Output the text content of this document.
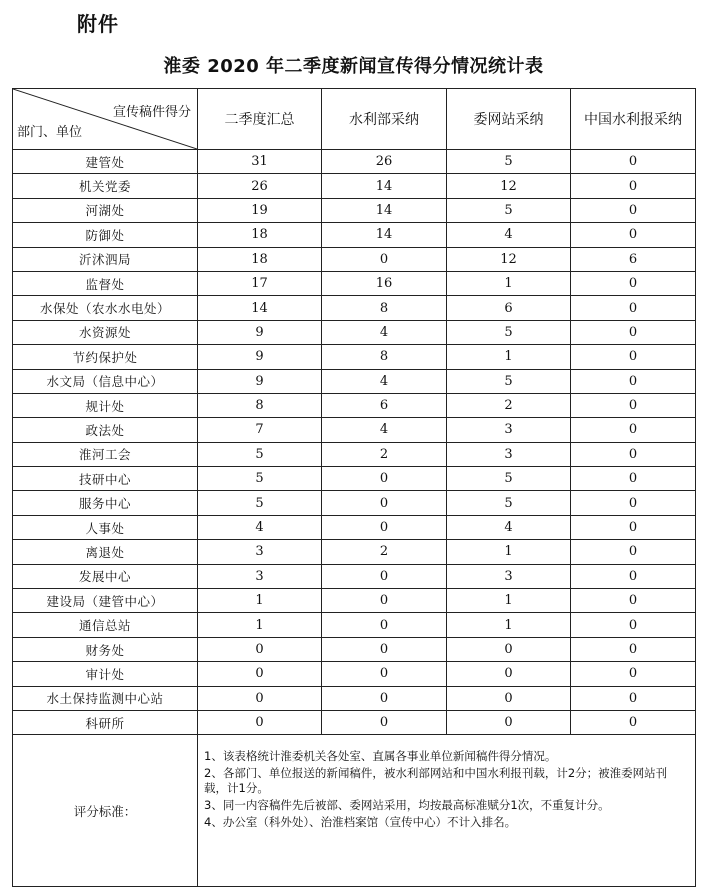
附件
淮委 2020 年二季度新闻宣传得分情况统计表
宣传稿件得分
部门、单位	二季度汇总	水利部采纳	委网站采纳	中国水利报采纳
建管处	31	26	5	0
机关党委	26	14	12	0
河湖处	19	14	5	0
防御处	18	14	4	0
沂沭泗局	18	0	12	6
监督处	17	16	1	0
水保处（农水水电处）	14	8	6	0
水资源处	9	4	5	0
节约保护处	9	8	1	0
水文局（信息中心）	9	4	5	0
规计处	8	6	2	0
政法处	7	4	3	0
淮河工会	5	2	3	0
技研中心	5	0	5	0
服务中心	5	0	5	0
人事处	4	0	4	0
离退处	3	2	1	0
发展中心	3	0	3	0
建设局（建管中心）	1	0	1	0
通信总站	1	0	1	0
财务处	0	0	0	0
审计处	0	0	0	0
水土保持监测中心站	0	0	0	0
科研所	0	0	0	0
评分标准：	1、该表格统计淮委机关各处室、直属各事业单位新闻稿件得分情况。

2、各部门、单位报送的新闻稿件，被水利部网站和中国水利报刊载，计2分；被淮委网站刊载，计1分。

3、同一内容稿件先后被部、委网站采用，均按最高标准赋分1次，不重复计分。

4、办公室（科外处）、治淮档案馆（宣传中心）不计入排名。			
